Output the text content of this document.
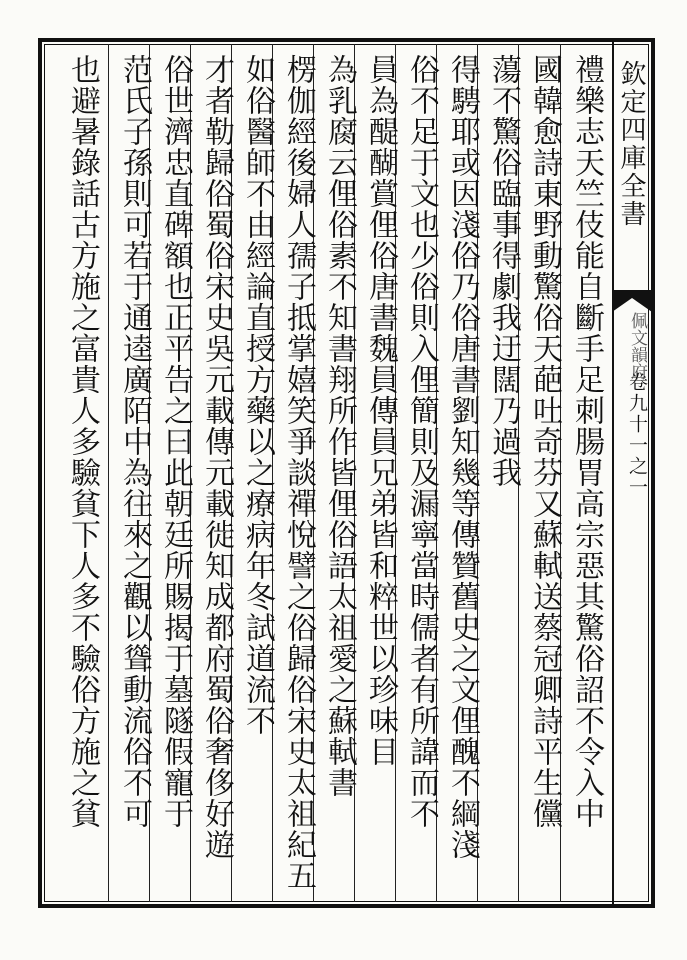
欽定四庫全書
佩文韻府
卷九十一之一
禮樂志天竺伎能自斷手足刺腸胃高宗惡其驚俗詔不令入中
國韓愈詩東野動驚俗天葩吐奇芬又蘇軾送蔡冠卿詩平生儻
蕩不驚俗臨事得劇我迂闊乃過我
得騁耶或因淺俗乃俗唐書劉知幾等傳贊舊史之文俚醜不綱淺
俗不足于文也少俗則入俚簡則及漏寧當時儒者有所諱而不
員為醍醐賞俚俗唐書魏員傳員兄弟皆和粹世以珍味目
為乳腐云俚俗素不知書翔所作皆俚俗語太祖愛之蘇軾書
楞伽經後婦人孺子抵掌嬉笑爭談禪悅譬之俗歸俗宋史太祖紀五
如俗醫師不由經論直授方藥以之療病年冬試道流不
才者勒歸俗蜀俗宋史吳元載傳元載徙知成都府蜀俗奢侈好遊
俗世濟忠直碑額也正平告之曰此朝廷所賜揭于墓隧假寵于
范氏子孫則可若于通逵廣陌中為往來之觀以聳動流俗不可
也避暑錄話古方施之富貴人多驗貧下人多不驗俗方施之貧
